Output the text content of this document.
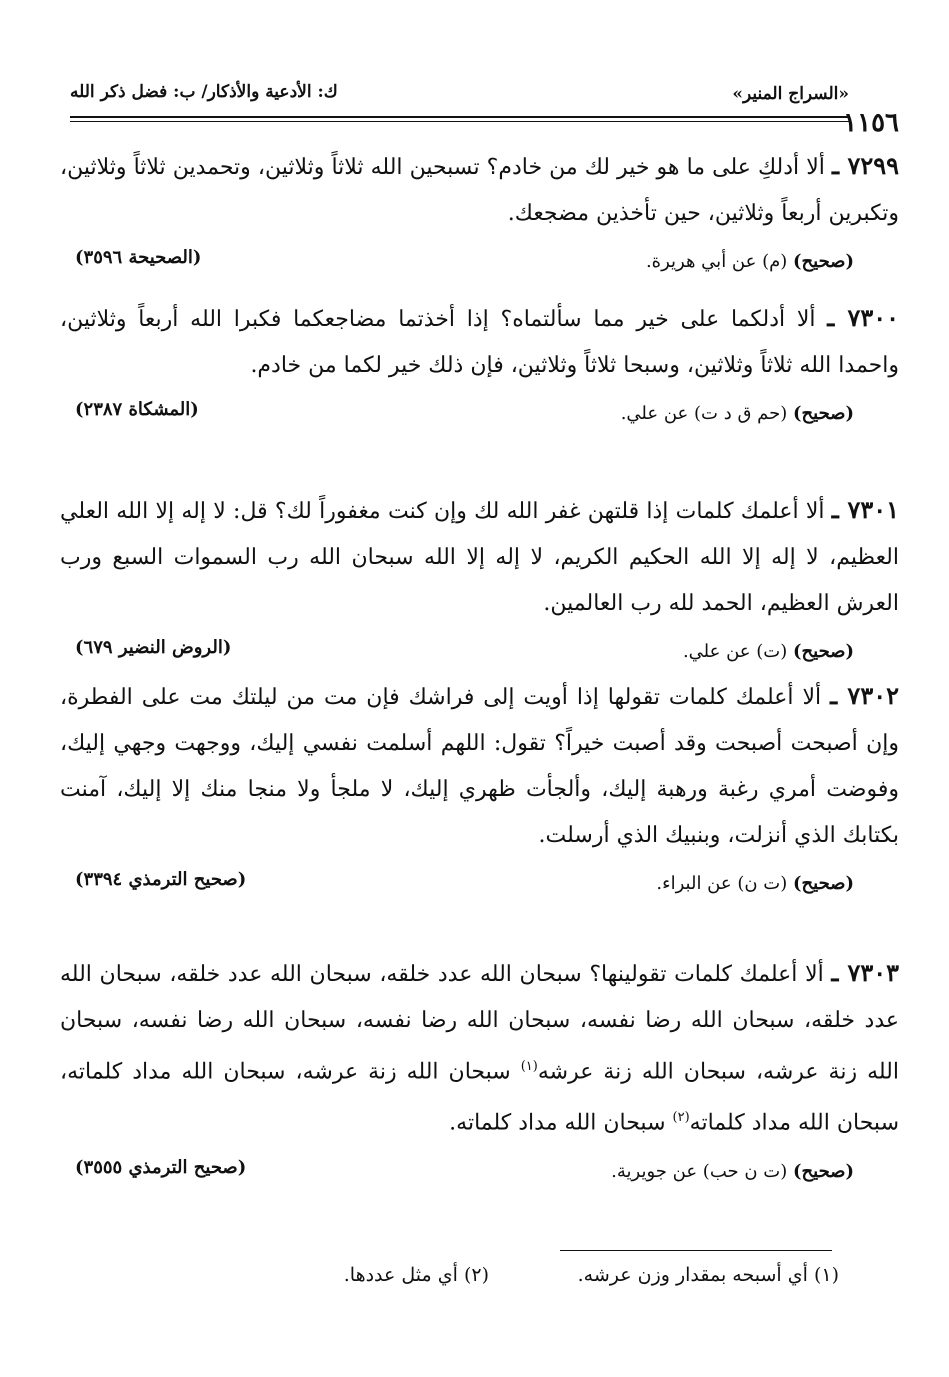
ك: الأدعية والأذكار/ ب: فضل ذكر الله	«السراج المنير»
١١٥٦
٧٢٩٩ ـ ألا أدلكِ على ما هو خير لك من خادم؟ تسبحين الله ثلاثاً وثلاثين، وتحمدين ثلاثاً وثلاثين، وتكبرين أربعاً وثلاثين، حين تأخذين مضجعك.
(صحيح) (م) عن أبي هريرة.
(الصحيحة ٣٥٩٦)
٧٣٠٠ ـ ألا أدلكما على خير مما سألتماه؟ إذا أخذتما مضاجعكما فكبرا الله أربعاً وثلاثين، واحمدا الله ثلاثاً وثلاثين، وسبحا ثلاثاً وثلاثين، فإن ذلك خير لكما من خادم.
(صحيح) (حم ق د ت) عن علي.
(المشكاة ٢٣٨٧)
٧٣٠١ ـ ألا أعلمك كلمات إذا قلتهن غفر الله لك وإن كنت مغفوراً لك؟ قل: لا إله إلا الله العلي العظيم، لا إله إلا الله الحكيم الكريم، لا إله إلا الله سبحان الله رب السموات السبع ورب العرش العظيم، الحمد لله رب العالمين.
(صحيح) (ت) عن علي.
(الروض النضير ٦٧٩)
٧٣٠٢ ـ ألا أعلمك كلمات تقولها إذا أويت إلى فراشك فإن مت من ليلتك مت على الفطرة، وإن أصبحت أصبحت وقد أصبت خيراً؟ تقول: اللهم أسلمت نفسي إليك، ووجهت وجهي إليك، وفوضت أمري رغبة ورهبة إليك، وألجأت ظهري إليك، لا ملجأ ولا منجا منك إلا إليك، آمنت بكتابك الذي أنزلت، وبنبيك الذي أرسلت.
(صحيح) (ت ن) عن البراء.
(صحيح الترمذي ٣٣٩٤)
٧٣٠٣ ـ ألا أعلمك كلمات تقولينها؟ سبحان الله عدد خلقه، سبحان الله عدد خلقه، سبحان الله عدد خلقه، سبحان الله رضا نفسه، سبحان الله رضا نفسه، سبحان الله رضا نفسه، سبحان الله زنة عرشه، سبحان الله زنة عرشه$^{(١)}$ سبحان الله زنة عرشه، سبحان الله مداد كلماته، سبحان الله مداد كلماته$^{(٢)}$ سبحان الله مداد كلماته.
(صحيح) (ت ن حب) عن جويرية.
(صحيح الترمذي ٣٥٥٥)
(١) أي أسبحه بمقدار وزن عرشه.
(٢) أي مثل عددها.
